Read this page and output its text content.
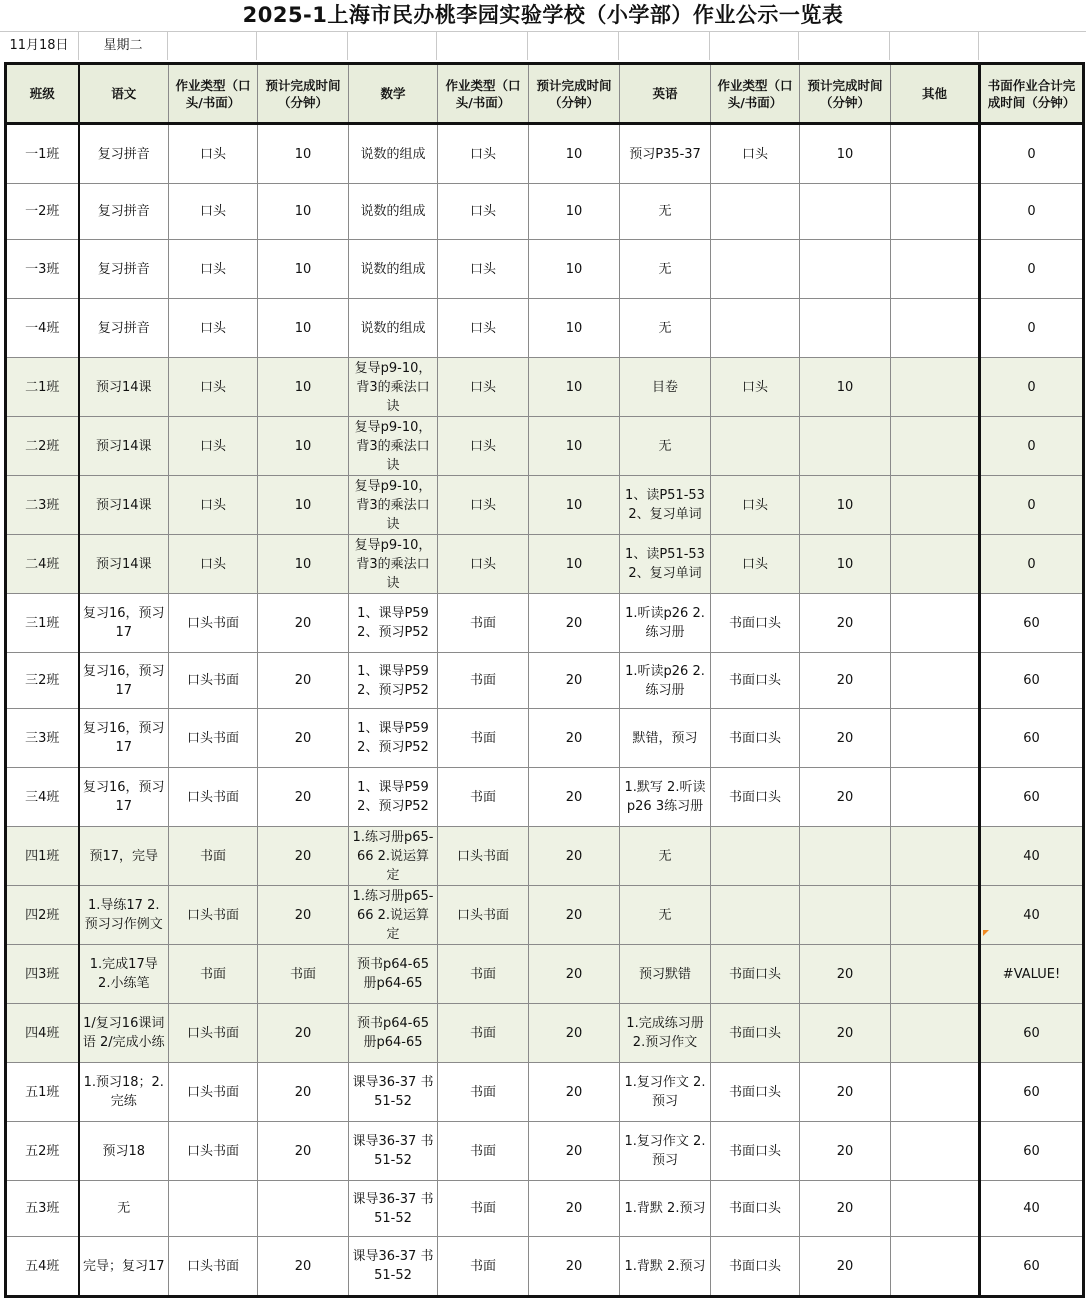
2025-1上海市民办桃李园实验学校（小学部）作业公示一览表
11月18日	星期二
班级	语文	作业类型（口头/书面）	预计完成时间（分钟）	数学	作业类型（口头/书面）	预计完成时间（分钟）	英语	作业类型（口头/书面）	预计完成时间（分钟）	其他	书面作业合计完成时间（分钟）

一1班	复习拼音	口头	10	说数的组成	口头	10	预习P35-37	口头	10		0

一2班	复习拼音	口头	10	说数的组成	口头	10	无				0

一3班	复习拼音	口头	10	说数的组成	口头	10	无				0

一4班	复习拼音	口头	10	说数的组成	口头	10	无				0

二1班	预习14课	口头	10	复导p9-10，背3的乘法口诀	口头	10	目卷	口头	10		0

二2班	预习14课	口头	10	复导p9-10，背3的乘法口诀	口头	10	无				0

二3班	预习14课	口头	10	复导p9-10，背3的乘法口诀	口头	10	1、读P51-53 2、复习单词	口头	10		0

二4班	预习14课	口头	10	复导p9-10，背3的乘法口诀	口头	10	1、读P51-53 2、复习单词	口头	10		0

三1班	复习16，预习17	口头书面	20	1、课导P59 2、预习P52	书面	20	1.听读p26 2.练习册	书面口头	20		60

三2班	复习16，预习17	口头书面	20	1、课导P59 2、预习P52	书面	20	1.听读p26 2.练习册	书面口头	20		60

三3班	复习16，预习17	口头书面	20	1、课导P59 2、预习P52	书面	20	默错，预习	书面口头	20		60

三4班	复习16，预习17	口头书面	20	1、课导P59 2、预习P52	书面	20	1.默写 2.听读p26 3练习册	书面口头	20		60

四1班	预17，完导	书面	20	1.练习册p65-66 2.说运算定	口头书面	20	无				40

四2班	1.导练17 2.预习习作例文	口头书面	20	1.练习册p65-66 2.说运算定	口头书面	20	无				40

四3班	1.完成17导 2.小练笔	书面	书面	预书p64-65 册p64-65	书面	20	预习默错	书面口头	20		#VALUE!

四4班	1/复习16课词语 2/完成小练	口头书面	20	预书p64-65 册p64-65	书面	20	1.完成练习册 2.预习作文	书面口头	20		60

五1班	1.预习18；2.完练	口头书面	20	课导36-37 书51-52	书面	20	1.复习作文 2.预习	书面口头	20		60

五2班	预习18	口头书面	20	课导36-37 书51-52	书面	20	1.复习作文 2.预习	书面口头	20		60

五3班	无			课导36-37 书51-52	书面	20	1.背默 2.预习	书面口头	20		40

五4班	完导；复习17	口头书面	20	课导36-37 书51-52	书面	20	1.背默 2.预习	书面口头	20		60
